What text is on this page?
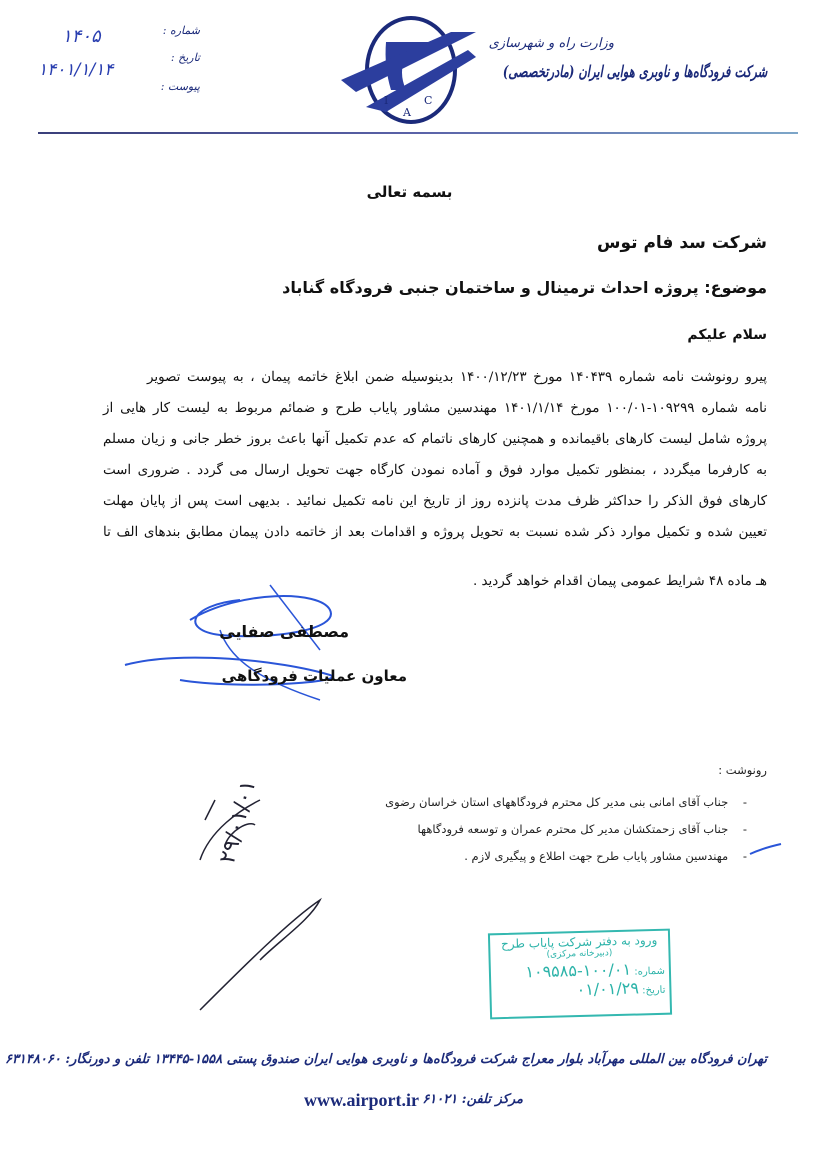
وزارت راه و شهرسازی
شرکت فرودگاه‌ها و ناوبری هوایی ایران (مادرتخصصی)
I
A
C
شماره :
تاریخ :
پیوست :
۱۴۰۵
۱۴۰۱/۱/۱۴
بسمه تعالی
شرکت سد فام توس
موضوع: پروژه احداث ترمینال و ساختمان جنبی فرودگاه گناباد
سلام علیکم
پیرو رونوشت نامه شماره ۱۴۰۴۳۹ مورخ ۱۴۰۰/۱۲/۲۳ بدینوسیله ضمن ابلاغ خاتمه پیمان ، به پیوست تصویر
نامه شماره ۱۰۹۲۹۹-۱۰۰/۰۱ مورخ ۱۴۰۱/۱/۱۴ مهندسین مشاور پایاب طرح و ضمائم مربوط به لیست کار هایی از
پروژه شامل لیست کارهای باقیمانده و همچنین کارهای ناتمام که عدم تکمیل آنها باعث بروز خطر جانی و زیان مسلم
به کارفرما میگردد ، بمنظور تکمیل موارد فوق و آماده نمودن کارگاه جهت تحویل ارسال می گردد . ضروری است
کارهای فوق الذکر را حداکثر ظرف مدت پانزده روز از تاریخ این نامه تکمیل نمائید . بدیهی است پس از پایان مهلت
تعیین شده و تکمیل موارد ذکر شده نسبت به تحویل پروژه و اقدامات بعد از خاتمه دادن پیمان مطابق بندهای الف تا
هـ ماده ۴۸ شرایط عمومی پیمان اقدام خواهد گردید .
مصطفی صفایی
معاون عملیات فرودگاهی
رونوشت :
-    جناب آقای امانی بنی مدیر کل محترم فرودگاههای استان خراسان رضوی
-    جناب آقای زحمتکشان مدیر کل محترم عمران و توسعه فرودگاهها
-    مهندسین مشاور پایاب طرح جهت اطلاع و پیگیری لازم .
۲۹/۰۱/۰۱
ورود به دفتر شرکت پایاب طرح
(دبیرخانه مرکزی)
شماره: ۱۰۰/۰۱-۱۰۹۵۸۵
تاریخ: ۰۱/۰۱/۲۹
تهران فرودگاه بین المللی مهرآباد بلوار معراج شرکت فرودگاه‌ها و ناوبری هوایی ایران صندوق پستی ۱۵۵۸-۱۳۴۴۵ تلفن و دورنگار: ۶۳۱۴۸۰۶۰
مرکز تلفن: ۶۱۰۲۱
www.airport.ir
